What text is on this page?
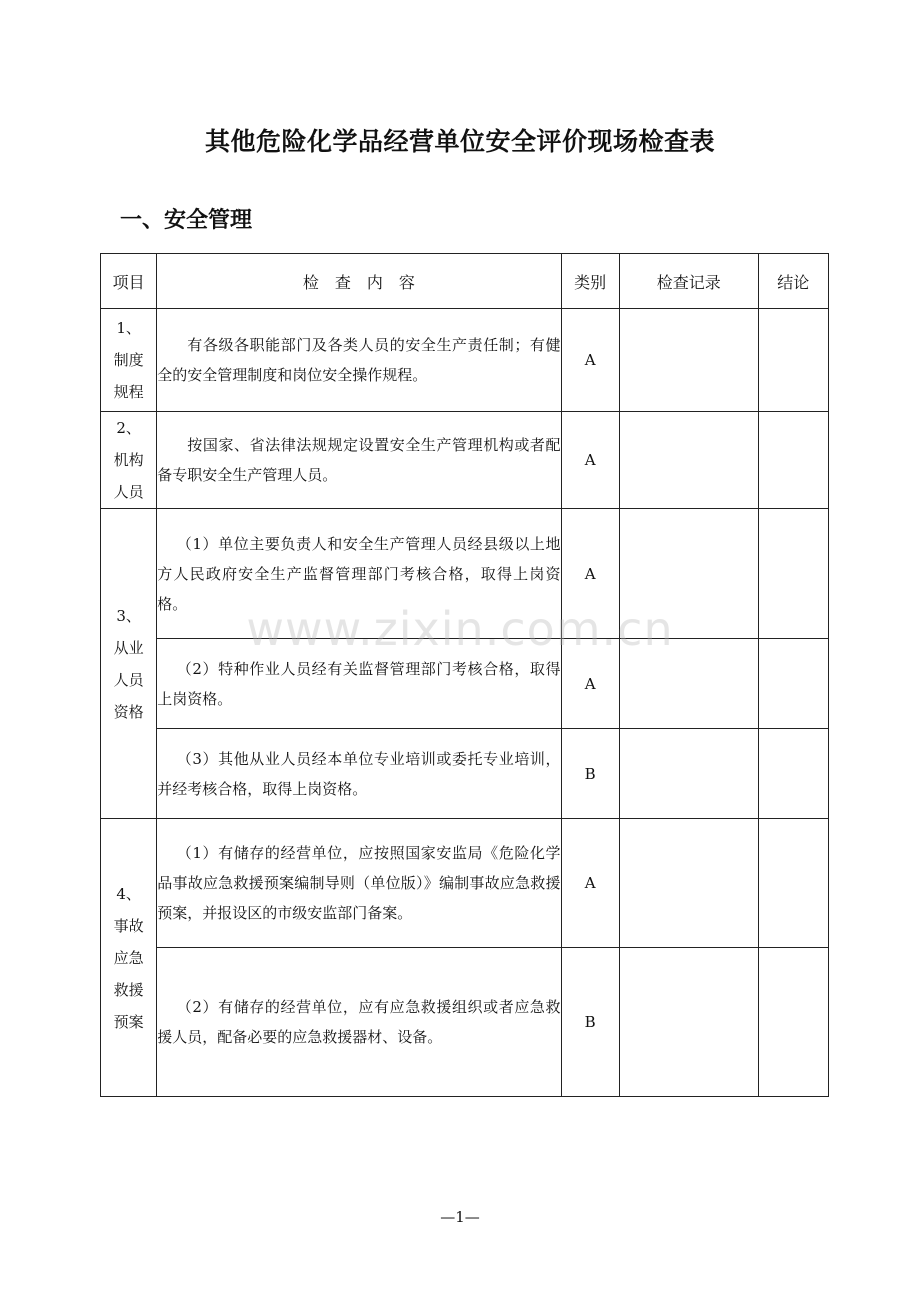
其他危险化学品经营单位安全评价现场检查表
一、安全管理
项目	检　查　内　容	类别	检查记录	结论

1、
制度
规程	有各级各职能部门及各类人员的安全生产责任制；有健全的安全管理制度和岗位安全操作规程。	A		

2、
机构
人员	按国家、省法律法规规定设置安全生产管理机构或者配备专职安全生产管理人员。	A		

3、
从业
人员
资格	（1）单位主要负责人和安全生产管理人员经县级以上地方人民政府安全生产监督管理部门考核合格，取得上岗资格。	A		

	（2）特种作业人员经有关监督管理部门考核合格，取得上岗资格。	A		

	（3）其他从业人员经本单位专业培训或委托专业培训，并经考核合格，取得上岗资格。	B		

4、
事故
应急
救援
预案	（1）有储存的经营单位，应按照国家安监局《危险化学品事故应急救援预案编制导则（单位版）》编制事故应急救援预案，并报设区的市级安监部门备案。	A		

	（2）有储存的经营单位，应有应急救援组织或者应急救援人员，配备必要的应急救援器材、设备。	B		
www.zixin.com.cn
—1—
